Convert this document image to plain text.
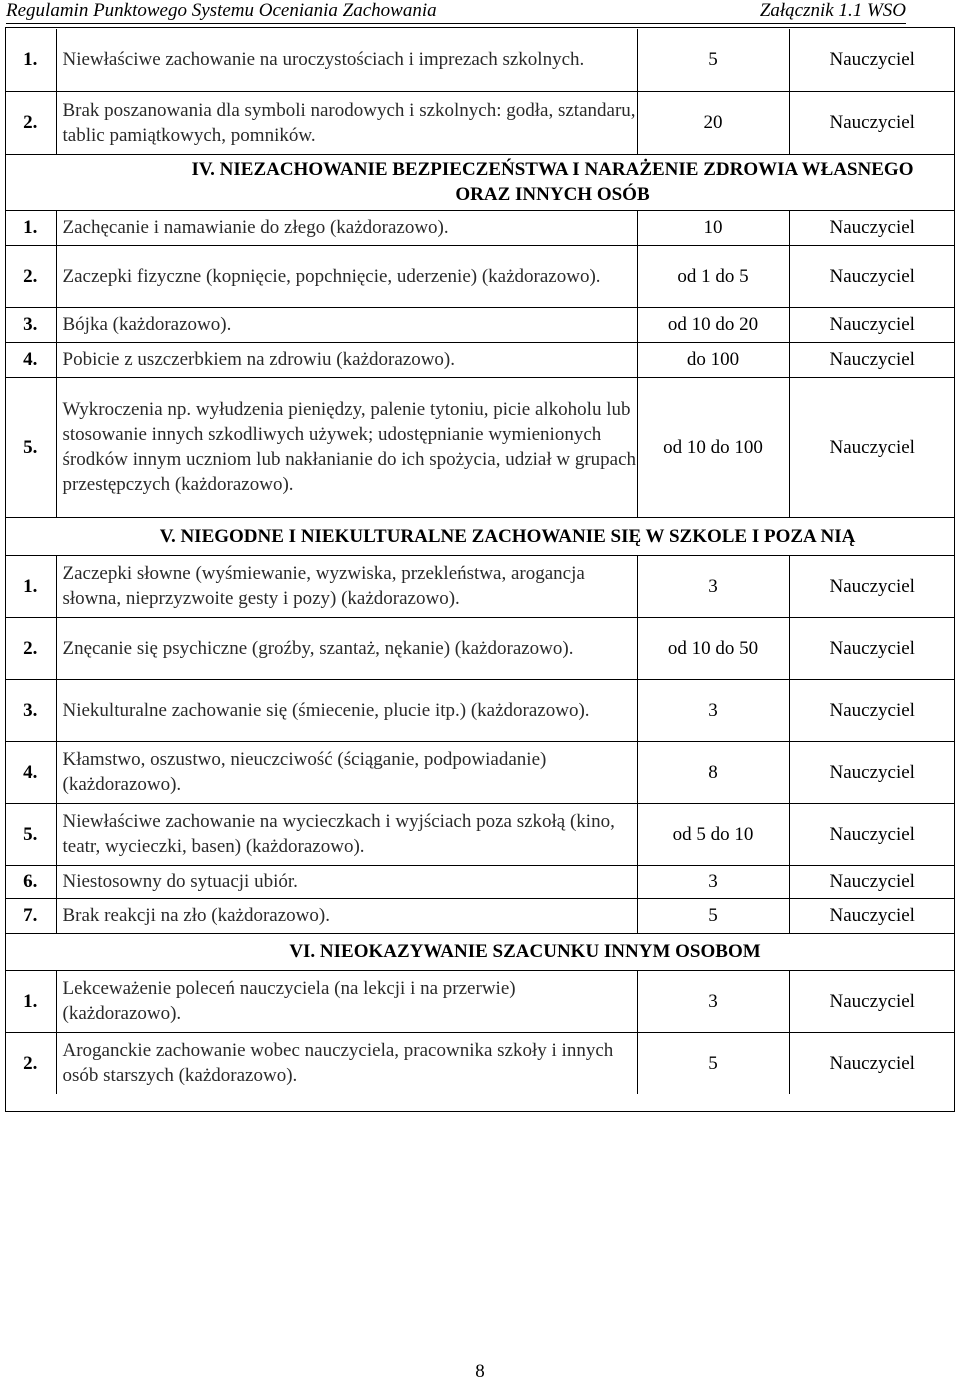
Regulamin Punktowego Systemu Oceniania Zachowania	Załącznik 1.1 WSO
1.	Niewłaściwe zachowanie na uroczystościach i imprezach szkolnych.	5	Nauczyciel
2.	Brak poszanowania dla symboli narodowych i szkolnych: godła, sztandaru, tablic pamiątkowych, pomników.	20	Nauczyciel
IV. NIEZACHOWANIE BEZPIECZEŃSTWA I NARAŻENIE ZDROWIA WŁASNEGO ORAZ INNYCH OSÓB			
1.	Zachęcanie i namawianie do złego (każdorazowo).	10	Nauczyciel
2.	Zaczepki fizyczne (kopnięcie, popchnięcie, uderzenie) (każdorazowo).	od 1 do 5	Nauczyciel
3.	Bójka (każdorazowo).	od 10 do 20	Nauczyciel
4.	Pobicie z uszczerbkiem na zdrowiu (każdorazowo).	do 100	Nauczyciel
5.	Wykroczenia np. wyłudzenia pieniędzy, palenie tytoniu, picie alkoholu lub stosowanie innych szkodliwych używek; udostępnianie wymienionych środków innym uczniom lub nakłanianie do ich spożycia, udział w grupach przestępczych (każdorazowo).	od 10 do 100	Nauczyciel
V. NIEGODNE I NIEKULTURALNE ZACHOWANIE SIĘ W SZKOLE I POZA NIĄ			
1.	Zaczepki słowne (wyśmiewanie, wyzwiska, przekleństwa, arogancja słowna, nieprzyzwoite gesty i pozy) (każdorazowo).	3	Nauczyciel
2.	Znęcanie się psychiczne (groźby, szantaż, nękanie) (każdorazowo).	od 10 do 50	Nauczyciel
3.	Niekulturalne zachowanie się (śmiecenie, plucie itp.) (każdorazowo).	3	Nauczyciel
4.	Kłamstwo, oszustwo, nieuczciwość (ściąganie, podpowiadanie) (każdorazowo).	8	Nauczyciel
5.	Niewłaściwe zachowanie na wycieczkach i wyjściach poza szkołą (kino, teatr, wycieczki, basen) (każdorazowo).	od 5 do 10	Nauczyciel
6.	Niestosowny do sytuacji ubiór.	3	Nauczyciel
7.	Brak reakcji na zło (każdorazowo).	5	Nauczyciel
VI. NIEOKAZYWANIE SZACUNKU INNYM OSOBOM			
1.	Lekceważenie poleceń nauczyciela (na lekcji i na przerwie) (każdorazowo).	3	Nauczyciel
2.	Aroganckie zachowanie wobec nauczyciela, pracownika szkoły i innych osób starszych (każdorazowo).	5	Nauczyciel
8
